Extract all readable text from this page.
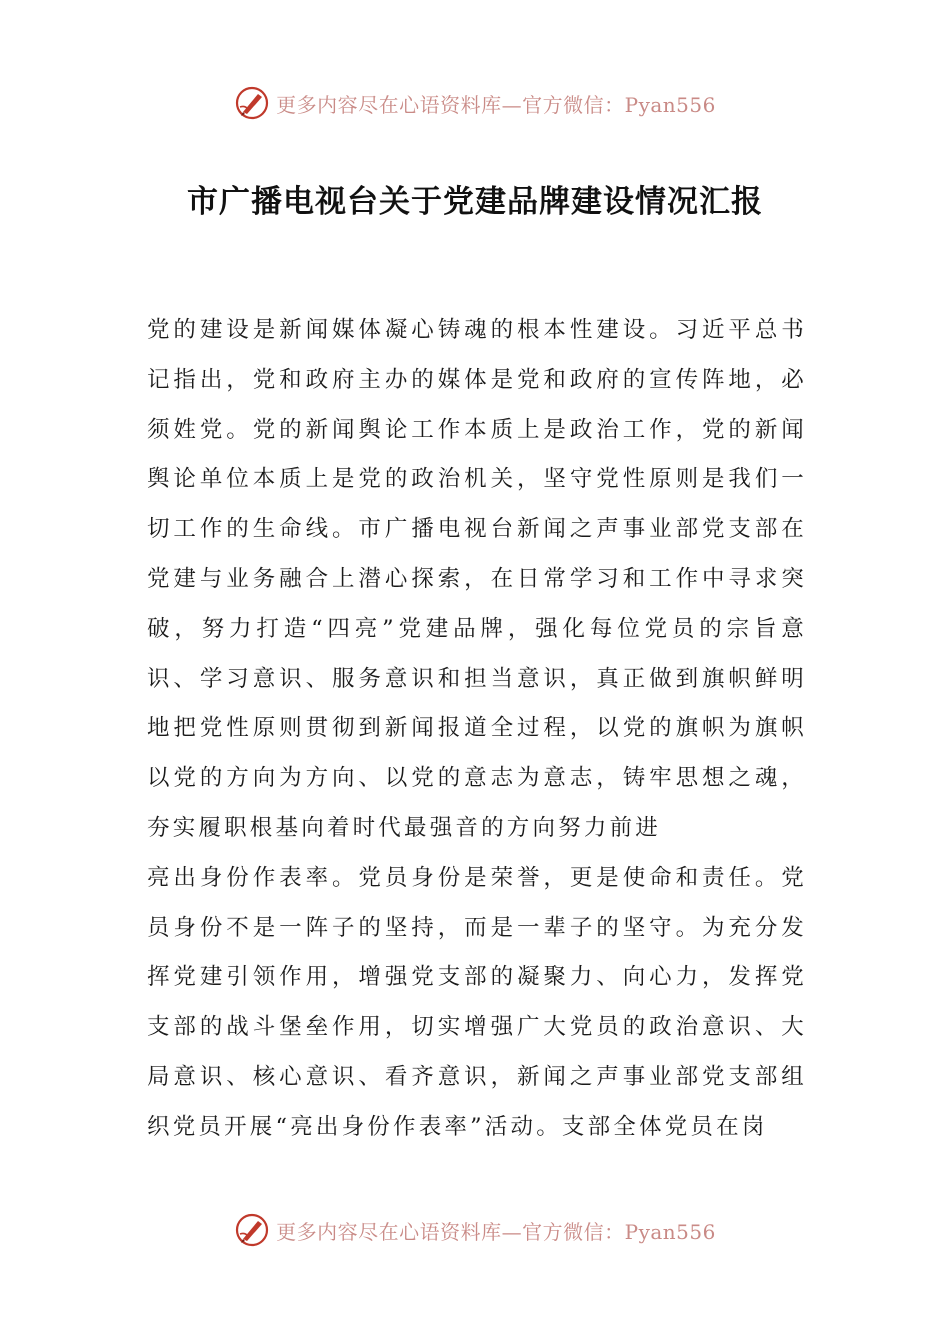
更多内容尽在心语资料库—官方微信：Pyan556
市广播电视台关于党建品牌建设情况汇报

党的建设是新闻媒体凝心铸魂的根本性建设。习近平总书记指出，党和政府主办的媒体是党和政府的宣传阵地，必须姓党。党的新闻舆论工作本质上是政治工作，党的新闻舆论单位本质上是党的政治机关，坚守党性原则是我们一切工作的生命线。市广播电视台新闻之声事业部党支部在党建与业务融合上潜心探索，在日常学习和工作中寻求突破，努力打造“四亮”党建品牌，强化每位党员的宗旨意识、学习意识、服务意识和担当意识，真正做到旗帜鲜明地把党性原则贯彻到新闻报道全过程，以党的旗帜为旗帜以党的方向为方向、以党的意志为意志，铸牢思想之魂，夯实履职根基向着时代最强音的方向努力前进

亮出身份作表率。党员身份是荣誉，更是使命和责任。党员身份不是一阵子的坚持，而是一辈子的坚守。为充分发挥党建引领作用，增强党支部的凝聚力、向心力，发挥党支部的战斗堡垒作用，切实增强广大党员的政治意识、大局意识、核心意识、看齐意识，新闻之声事业部党支部组织党员开展“亮出身份作表率”活动。支部全体党员在岗

更多内容尽在心语资料库—官方微信：Pyan556
